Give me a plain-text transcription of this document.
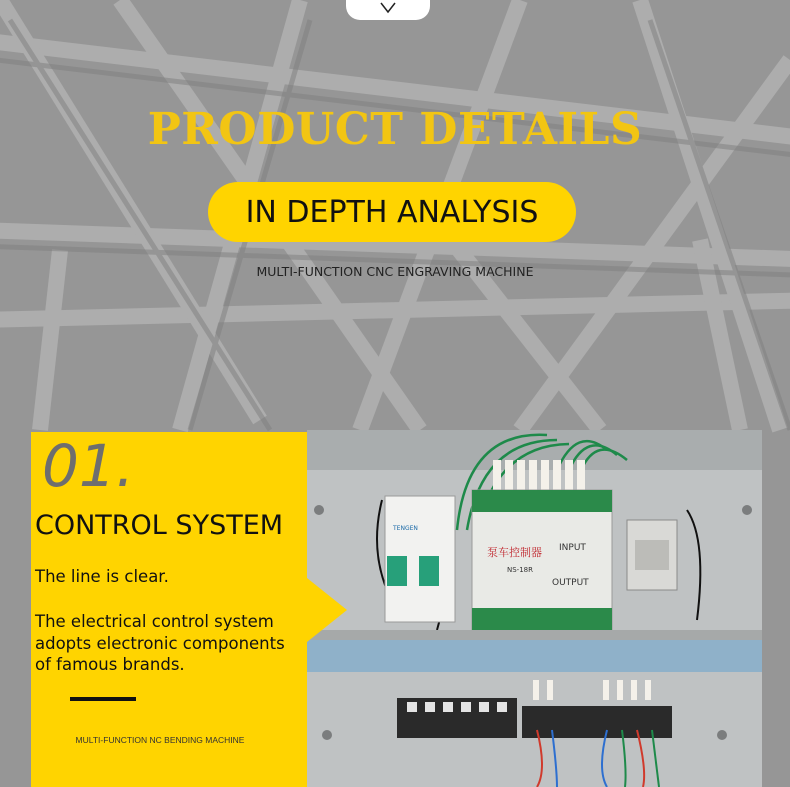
PRODUCT DETAILS
IN DEPTH ANALYSIS
MULTI-FUNCTION CNC ENGRAVING MACHINE
泵车控制器
NS-18R
INPUT
OUTPUT
TENGEN
01.
CONTROL SYSTEM
The line is clear.
The electrical control system adopts electronic components of famous brands.
MULTI-FUNCTION NC BENDING MACHINE
